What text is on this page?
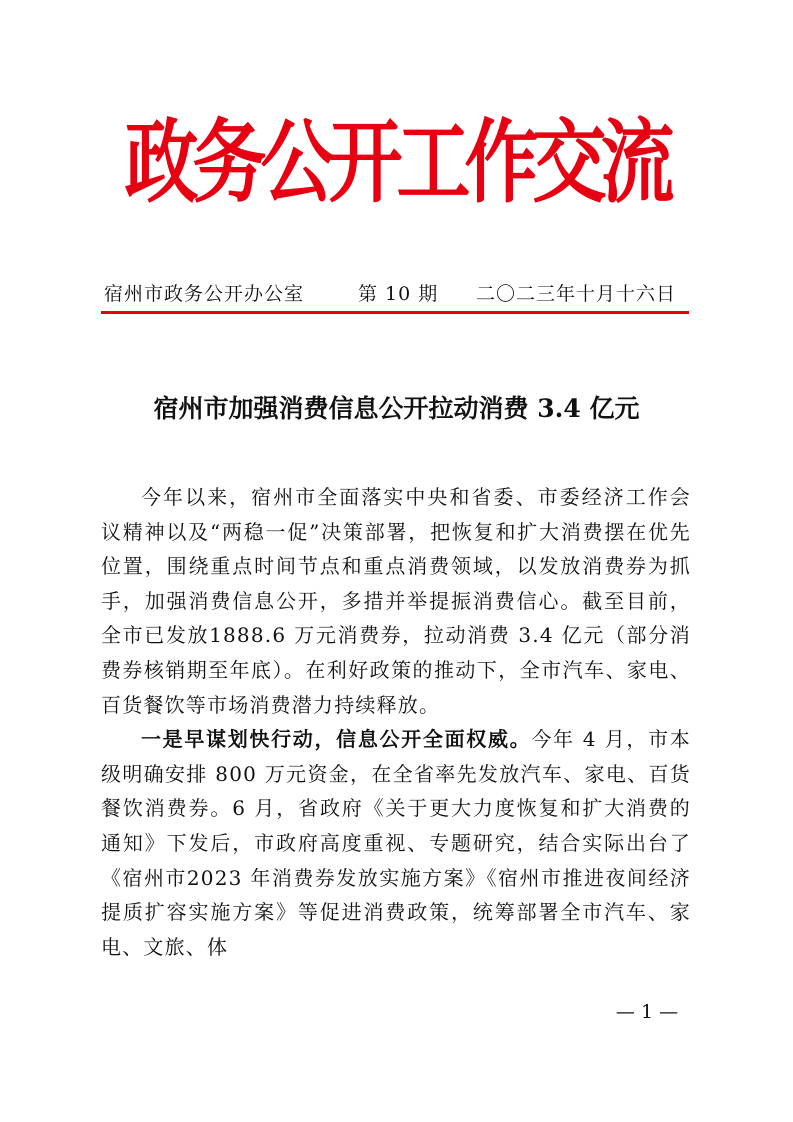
政务公开工作交流
宿州市政务公开办公室	第 10 期 二〇二三年十月十六日
宿州市加强消费信息公开拉动消费 3.4 亿元

今年以来，宿州市全面落实中央和省委、市委经济工作会议精神以及“两稳一促”决策部署，把恢复和扩大消费摆在优先位置，围绕重点时间节点和重点消费领域，以发放消费券为抓手，加强消费信息公开，多措并举提振消费信心。截至目前，全市已发放1888.6 万元消费券，拉动消费 3.4 亿元（部分消费券核销期至年底）。在利好政策的推动下，全市汽车、家电、百货餐饮等市场消费潜力持续释放。

一是早谋划快行动，信息公开全面权威。今年 4 月，市本级明确安排 800 万元资金，在全省率先发放汽车、家电、百货餐饮消费券。6 月，省政府《关于更大力度恢复和扩大消费的通知》下发后，市政府高度重视、专题研究，结合实际出台了《宿州市2023 年消费券发放实施方案》《宿州市推进夜间经济提质扩容实施方案》等促进消费政策，统筹部署全市汽车、家电、文旅、体

— 1 —
